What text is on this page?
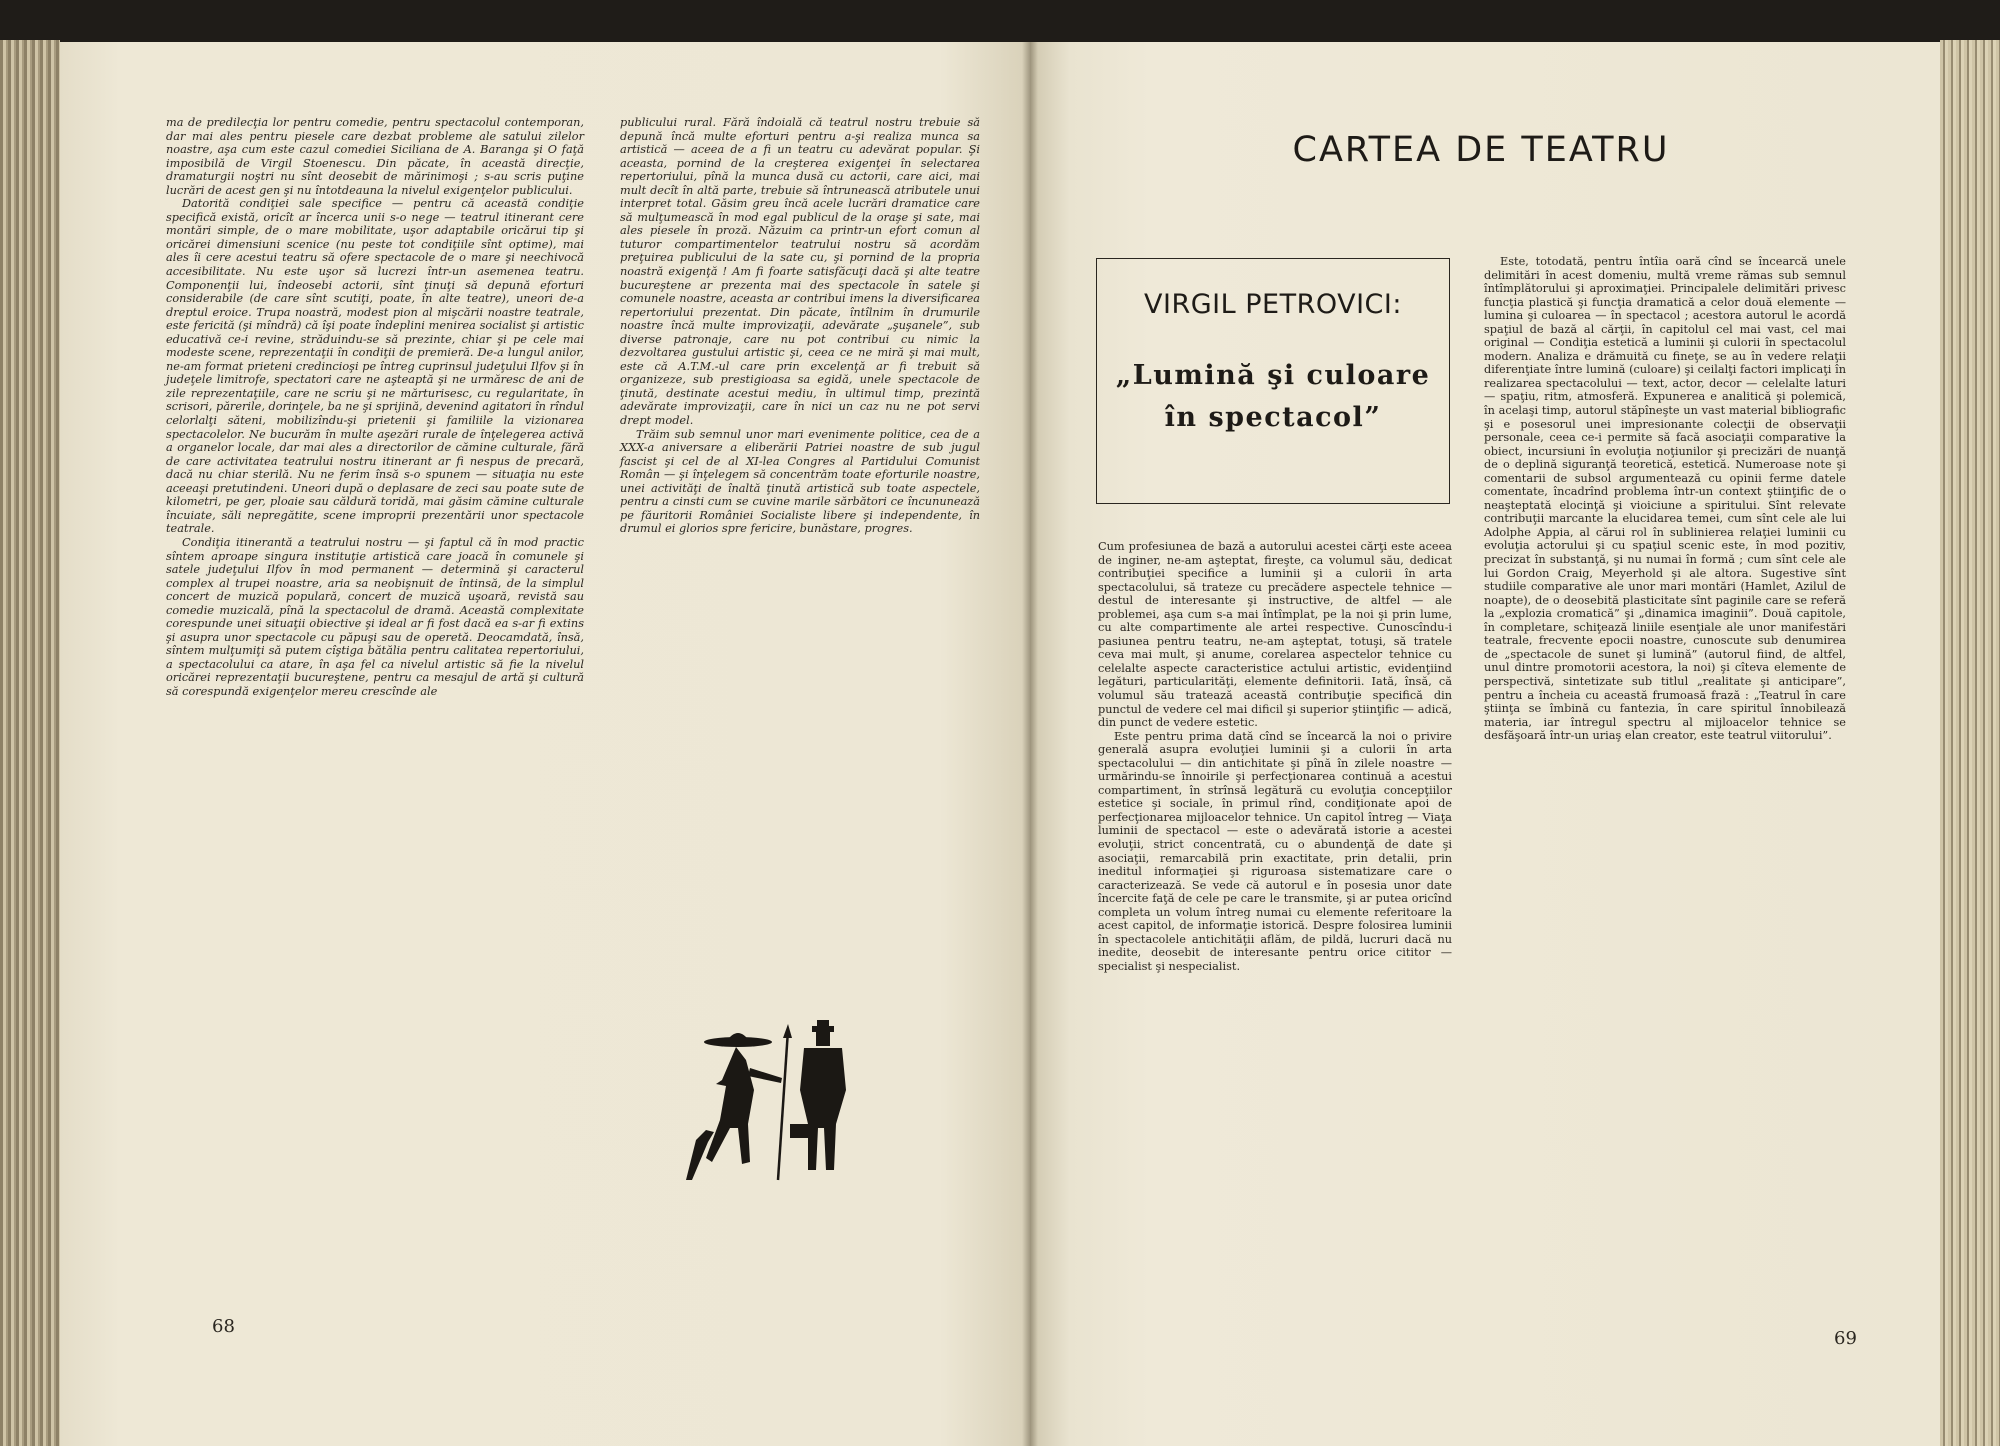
ma de predilecţia lor pentru comedie, pentru spectacolul contemporan, dar mai ales pentru piesele care dezbat probleme ale satului zilelor noastre, aşa cum este cazul comediei Siciliana de A. Baranga şi O faţă imposibilă de Virgil Stoenescu. Din păcate, în această direcţie, dramaturgii noştri nu sînt deosebit de mărinimoşi ; s-au scris puţine lucrări de acest gen şi nu întotdeauna la nivelul exigenţelor publicului.

Datorită condiţiei sale specifice — pentru că această condiţie specifică există, oricît ar încerca unii s-o nege — teatrul itinerant cere montări simple, de o mare mobilitate, uşor adaptabile oricărui tip şi oricărei dimensiuni scenice (nu peste tot condiţiile sînt optime), mai ales îi cere acestui teatru să ofere spectacole de o mare şi neechivocă accesibilitate. Nu este uşor să lucrezi într-un asemenea teatru. Componenţii lui, îndeosebi actorii, sînt ţinuţi să depună eforturi considerabile (de care sînt scutiţi, poate, în alte teatre), uneori de-a dreptul eroice. Trupa noastră, modest pion al mişcării noastre teatrale, este fericită (şi mîndră) că îşi poate îndeplini menirea socialist şi artistic educativă ce-i revine, străduindu-se să prezinte, chiar şi pe cele mai modeste scene, reprezentaţii în condiţii de premieră. De-a lungul anilor, ne-am format prieteni credincioşi pe întreg cuprinsul judeţului Ilfov şi în judeţele limitrofe, spectatori care ne aşteaptă şi ne urmăresc de ani de zile reprezentaţiile, care ne scriu şi ne mărturisesc, cu regularitate, în scrisori, părerile, dorinţele, ba ne şi sprijină, devenind agitatori în rîndul celorlalţi săteni, mobilizîndu-şi prietenii şi familiile la vizionarea spectacolelor. Ne bucurăm în multe aşezări rurale de înţelegerea activă a organelor locale, dar mai ales a directorilor de cămine culturale, fără de care activitatea teatrului nostru itinerant ar fi nespus de precară, dacă nu chiar sterilă. Nu ne ferim însă s-o spunem — situaţia nu este aceeaşi pretutindeni. Uneori după o deplasare de zeci sau poate sute de kilometri, pe ger, ploaie sau căldură toridă, mai găsim cămine culturale încuiate, săli nepregătite, scene improprii prezentării unor spectacole teatrale.

Condiţia itinerantă a teatrului nostru — şi faptul că în mod practic sîntem aproape singura instituţie artistică care joacă în comunele şi satele judeţului Ilfov în mod permanent — determină şi caracterul complex al trupei noastre, aria sa neobişnuit de întinsă, de la simplul concert de muzică populară, concert de muzică uşoară, revistă sau comedie muzicală, pînă la spectacolul de dramă. Această complexitate corespunde unei situaţii obiective şi ideal ar fi fost dacă ea s-ar fi extins şi asupra unor spectacole cu păpuşi sau de operetă. Deocamdată, însă, sîntem mulţumiţi să putem cîştiga bătălia pentru calitatea repertoriului, a spectacolului ca atare, în aşa fel ca nivelul artistic să fie la nivelul oricărei reprezentaţii bucureştene, pentru ca mesajul de artă şi cultură să corespundă exigenţelor mereu crescînde ale

publicului rural. Fără îndoială că teatrul nostru trebuie să depună încă multe eforturi pentru a-şi realiza munca sa artistică — aceea de a fi un teatru cu adevărat popular. Şi aceasta, pornind de la creşterea exigenţei în selectarea repertoriului, pînă la munca dusă cu actorii, care aici, mai mult decît în altă parte, trebuie să întrunească atributele unui interpret total. Găsim greu încă acele lucrări dramatice care să mulţumească în mod egal publicul de la oraşe şi sate, mai ales piesele în proză. Năzuim ca printr-un efort comun al tuturor compartimentelor teatrului nostru să acordăm preţuirea publicului de la sate cu, şi pornind de la propria noastră exigenţă ! Am fi foarte satisfăcuţi dacă şi alte teatre bucureştene ar prezenta mai des spectacole în satele şi comunele noastre, aceasta ar contribui imens la diversificarea repertoriului prezentat. Din păcate, întîlnim în drumurile noastre încă multe improvizaţii, adevărate „şuşanele”, sub diverse patronaje, care nu pot contribui cu nimic la dezvoltarea gustului artistic şi, ceea ce ne miră şi mai mult, este că A.T.M.-ul care prin excelenţă ar fi trebuit să organizeze, sub prestigioasa sa egidă, unele spectacole de ţinută, destinate acestui mediu, în ultimul timp, prezintă adevărate improvizaţii, care în nici un caz nu ne pot servi drept model.

Trăim sub semnul unor mari evenimente politice, cea de a XXX-a aniversare a eliberării Patriei noastre de sub jugul fascist şi cel de al XI-lea Congres al Partidului Comunist Român — şi înţelegem să concentrăm toate eforturile noastre, unei activităţi de înaltă ţinută artistică sub toate aspectele, pentru a cinsti cum se cuvine marile sărbători ce încununează pe făuritorii României Socialiste libere şi independente, în drumul ei glorios spre fericire, bunăstare, progres.

68
CARTEA DE TEATRU
VIRGIL PETROVICI:
„Lumină şi culoare
în spectacol”

Cum profesiunea de bază a autorului acestei cărţi este aceea de inginer, ne-am aşteptat, fireşte, ca volumul său, dedicat contribuţiei specifice a luminii şi a culorii în arta spectacolului, să trateze cu precădere aspectele tehnice — destul de interesante şi instructive, de altfel — ale problemei, aşa cum s-a mai întîmplat, pe la noi şi prin lume, cu alte compartimente ale artei respective. Cunoscîndu-i pasiunea pentru teatru, ne-am aşteptat, totuşi, să tratele ceva mai mult, şi anume, corelarea aspectelor tehnice cu celelalte aspecte caracteristice actului artistic, evidenţiind legături, particularităţi, elemente definitorii. Iată, însă, că volumul său tratează această contribuţie specifică din punctul de vedere cel mai dificil şi superior ştiinţific — adică, din punct de vedere estetic.

Este pentru prima dată cînd se încearcă la noi o privire generală asupra evoluţiei luminii şi a culorii în arta spectacolului — din antichitate şi pînă în zilele noastre — urmărindu-se înnoirile şi perfecţionarea continuă a acestui compartiment, în strînsă legătură cu evoluţia concepţiilor estetice şi sociale, în primul rînd, condiţionate apoi de perfecţionarea mijloacelor tehnice. Un capitol întreg — Viaţa luminii de spectacol — este o adevărată istorie a acestei evoluţii, strict concentrată, cu o abundenţă de date şi asociaţii, remarcabilă prin exactitate, prin detalii, prin ineditul informaţiei şi riguroasa sistematizare care o caracterizează. Se vede că autorul e în posesia unor date încercite faţă de cele pe care le transmite, şi ar putea oricînd completa un volum întreg numai cu elemente referitoare la acest capitol, de informaţie istorică. Despre folosirea luminii în spectacolele antichităţii aflăm, de pildă, lucruri dacă nu inedite, deosebit de interesante pentru orice cititor — specialist şi nespecialist.

Este, totodată, pentru întîia oară cînd se încearcă unele delimitări în acest domeniu, multă vreme rămas sub semnul întîmplătorului şi aproximaţiei. Principalele delimitări privesc funcţia plastică şi funcţia dramatică a celor două elemente — lumina şi culoarea — în spectacol ; acestora autorul le acordă spaţiul de bază al cărţii, în capitolul cel mai vast, cel mai original — Condiţia estetică a luminii şi culorii în spectacolul modern. Analiza e drămuită cu fineţe, se au în vedere relaţii diferenţiate între lumină (culoare) şi ceilalţi factori implicaţi în realizarea spectacolului — text, actor, decor — celelalte laturi — spaţiu, ritm, atmosferă. Expunerea e analitică şi polemică, în acelaşi timp, autorul stăpîneşte un vast material bibliografic şi e posesorul unei impresionante colecţii de observaţii personale, ceea ce-i permite să facă asociaţii comparative la obiect, incursiuni în evoluţia noţiunilor şi precizări de nuanţă de o deplină siguranţă teoretică, estetică. Numeroase note şi comentarii de subsol argumentează cu opinii ferme datele comentate, încadrînd problema într-un context ştiinţific de o neaşteptată elocinţă şi vioiciune a spiritului. Sînt relevate contribuţii marcante la elucidarea temei, cum sînt cele ale lui Adolphe Appia, al cărui rol în sublinierea relaţiei luminii cu evoluţia actorului şi cu spaţiul scenic este, în mod pozitiv, precizat în substanţă, şi nu numai în formă ; cum sînt cele ale lui Gordon Craig, Meyerhold şi ale altora. Sugestive sînt studiile comparative ale unor mari montări (Hamlet, Azilul de noapte), de o deosebită plasticitate sînt paginile care se referă la „explozia cromatică” şi „dinamica imaginii”. Două capitole, în completare, schiţează liniile esenţiale ale unor manifestări teatrale, frecvente epocii noastre, cunoscute sub denumirea de „spectacole de sunet şi lumină” (autorul fiind, de altfel, unul dintre promotorii acestora, la noi) şi cîteva elemente de perspectivă, sintetizate sub titlul „realitate şi anticipare”, pentru a încheia cu această frumoasă frază : „Teatrul în care ştiinţa se îmbină cu fantezia, în care spiritul înnobilează materia, iar întregul spectru al mijloacelor tehnice se desfăşoară într-un uriaş elan creator, este teatrul viitorului”.

69
